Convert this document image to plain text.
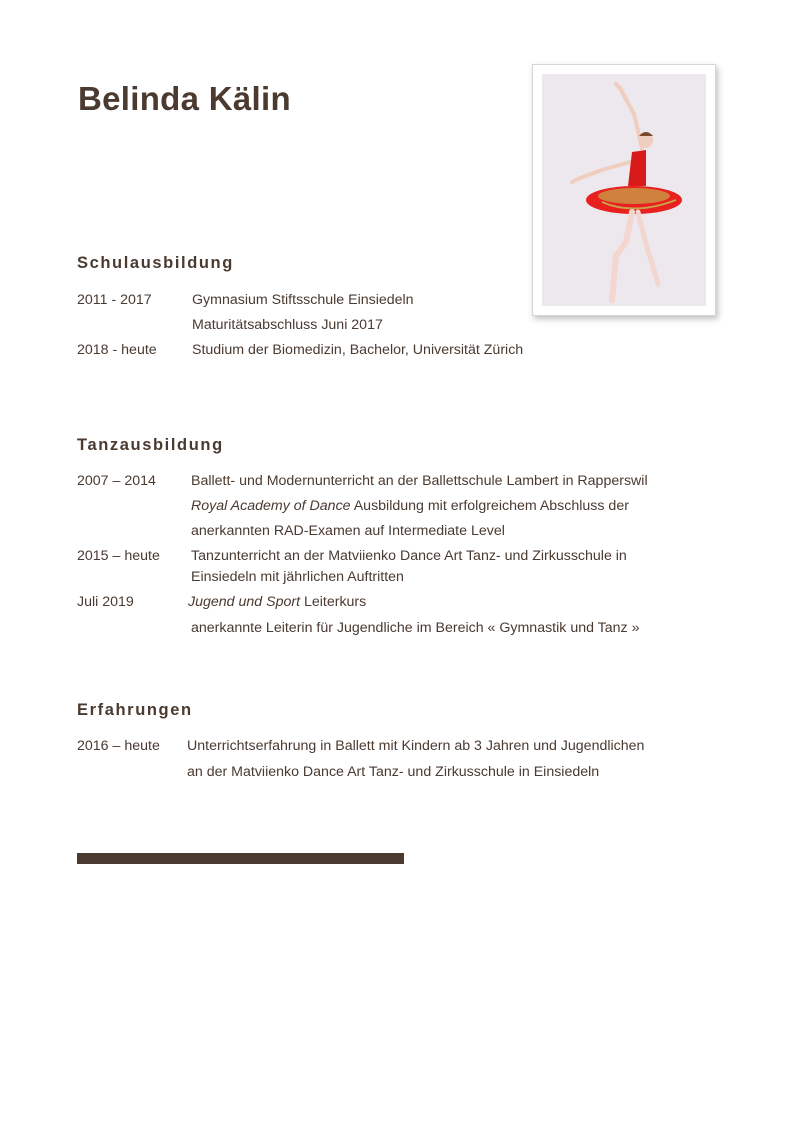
Belinda Kälin
Schulausbildung
2011 - 2017	Gymnasium Stiftsschule Einsiedeln
Maturitätsabschluss Juni 2017
2018 - heute Studium der Biomedizin, Bachelor, Universität Zürich
Tanzausbildung
2007 – 2014 Ballett- und Modernunterricht an der Ballettschule Lambert in Rapperswil
Royal Academy of Dance Ausbildung mit erfolgreichem Abschluss der
anerkannten RAD-Examen auf Intermediate Level
2015 – heute Tanzunterricht an der Matviienko Dance Art Tanz- und Zirkusschule in
Einsiedeln mit jährlichen Auftritten
Juli 2019	Jugend und Sport Leiterkurs
anerkannte Leiterin für Jugendliche im Bereich « Gymnastik und Tanz »
Erfahrungen
2016 – heute Unterrichtserfahrung in Ballett mit Kindern ab 3 Jahren und Jugendlichen
an der Matviienko Dance Art Tanz- und Zirkusschule in Einsiedeln
